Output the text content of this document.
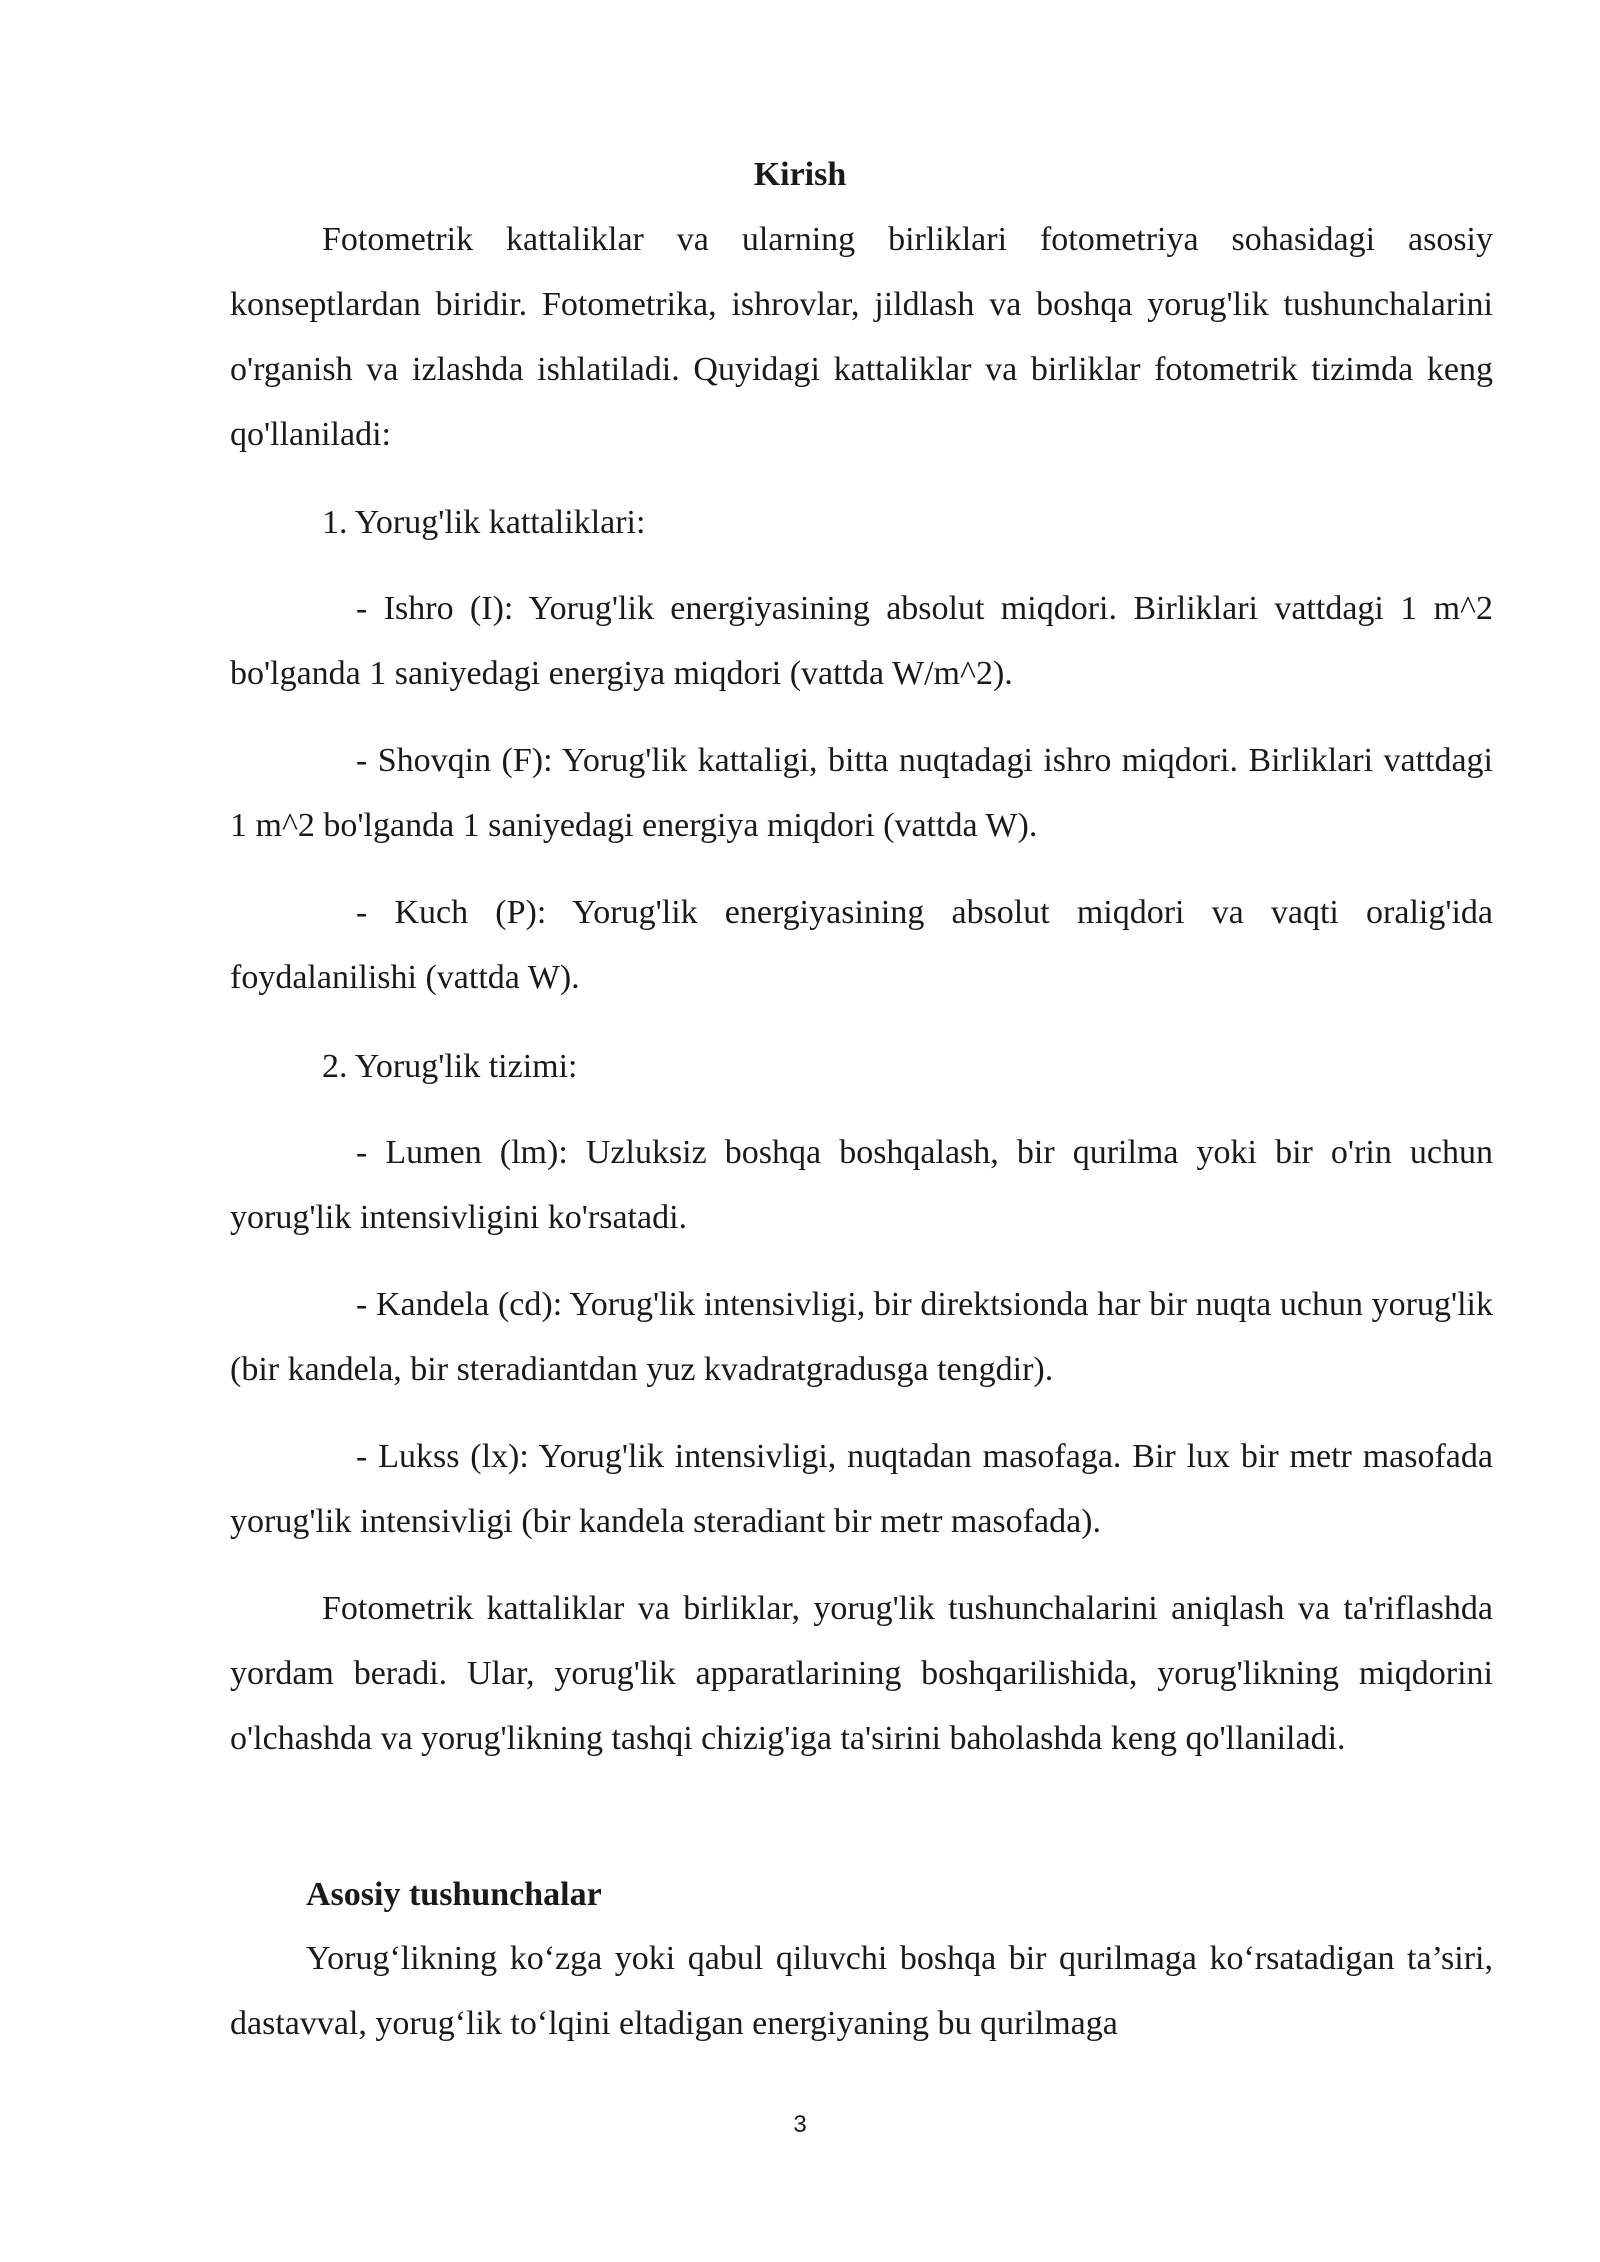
Kirish

Fotometrik kattaliklar va ularning birliklari fotometriya sohasidagi asosiy konseptlardan biridir. Fotometrika, ishrovlar, jildlash va boshqa yorug'lik tushunchalarini o'rganish va izlashda ishlatiladi. Quyidagi kattaliklar va birliklar fotometrik tizimda keng qo'llaniladi:

1. Yorug'lik kattaliklari:

- Ishro (I): Yorug'lik energiyasining absolut miqdori. Birliklari vattdagi 1 m^2 bo'lganda 1 saniyedagi energiya miqdori (vattda W/m^2).

- Shovqin (F): Yorug'lik kattaligi, bitta nuqtadagi ishro miqdori. Birliklari vattdagi 1 m^2 bo'lganda 1 saniyedagi energiya miqdori (vattda W).

- Kuch (P): Yorug'lik energiyasining absolut miqdori va vaqti oralig'ida foydalanilishi (vattda W).

2. Yorug'lik tizimi:

- Lumen (lm): Uzluksiz boshqa boshqalash, bir qurilma yoki bir o'rin uchun yorug'lik intensivligini ko'rsatadi.

- Kandela (cd): Yorug'lik intensivligi, bir direktsionda har bir nuqta uchun yorug'lik (bir kandela, bir steradiantdan yuz kvadratgradusga tengdir).

- Lukss (lx): Yorug'lik intensivligi, nuqtadan masofaga. Bir lux bir metr masofada yorug'lik intensivligi (bir kandela steradiant bir metr masofada).

Fotometrik kattaliklar va birliklar, yorug'lik tushunchalarini aniqlash va ta'riflashda yordam beradi. Ular, yorug'lik apparatlarining boshqarilishida, yorug'likning miqdorini o'lchashda va yorug'likning tashqi chizig'iga ta'sirini baholashda keng qo'llaniladi.

Asosiy tushunchalar

Yorug‘likning ko‘zga yoki qabul qiluvchi boshqa bir qurilmaga ko‘rsatadigan ta’siri, dastavval, yorug‘lik to‘lqini eltadigan energiyaning bu qurilmaga

3
